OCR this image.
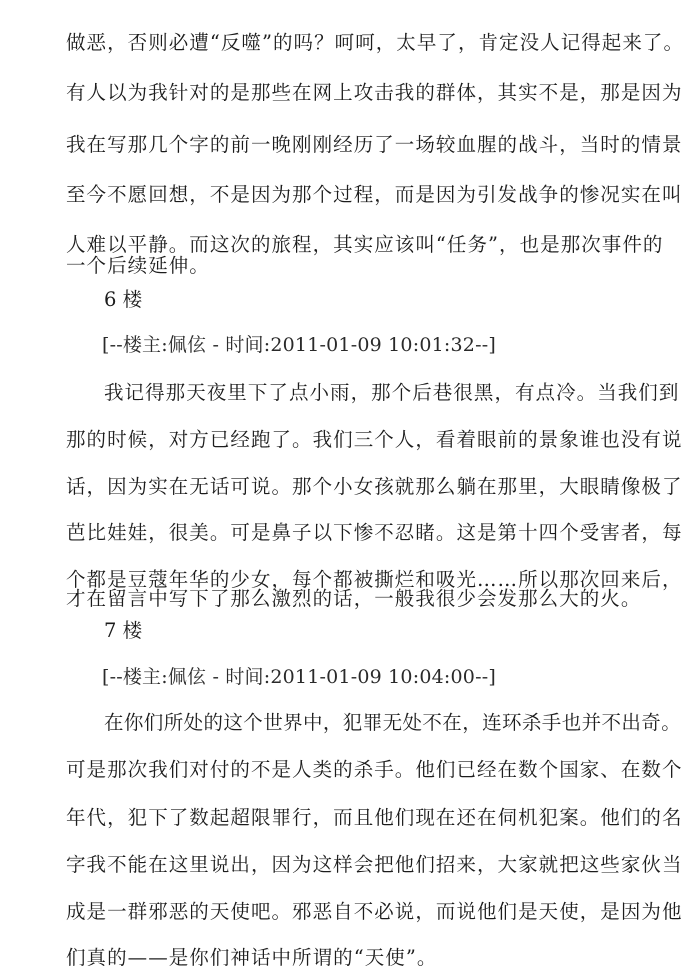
做恶，否则必遭“反噬”的吗？呵呵，太早了，肯定没人记得起来了。
有人以为我针对的是那些在网上攻击我的群体，其实不是，那是因为
我在写那几个字的前一晚刚刚经历了一场较血腥的战斗，当时的情景
至今不愿回想，不是因为那个过程，而是因为引发战争的惨况实在叫
人难以平静。而这次的旅程，其实应该叫“任务”，也是那次事件的
一个后续延伸。
6 楼
[--楼主:佩伭 - 时间:2011-01-09 10:01:32--]
我记得那天夜里下了点小雨，那个后巷很黑，有点冷。当我们到
那的时候，对方已经跑了。我们三个人，看着眼前的景象谁也没有说
话，因为实在无话可说。那个小女孩就那么躺在那里，大眼睛像极了
芭比娃娃，很美。可是鼻子以下惨不忍睹。这是第十四个受害者，每
个都是豆蔻年华的少女，每个都被撕烂和吸光……所以那次回来后，
才在留言中写下了那么激烈的话，一般我很少会发那么大的火。
7 楼
[--楼主:佩伭 - 时间:2011-01-09 10:04:00--]
在你们所处的这个世界中，犯罪无处不在，连环杀手也并不出奇。
可是那次我们对付的不是人类的杀手。他们已经在数个国家、在数个
年代，犯下了数起超限罪行，而且他们现在还在伺机犯案。他们的名
字我不能在这里说出，因为这样会把他们招来，大家就把这些家伙当
成是一群邪恶的天使吧。邪恶自不必说，而说他们是天使，是因为他
们真的——是你们神话中所谓的“天使”。
